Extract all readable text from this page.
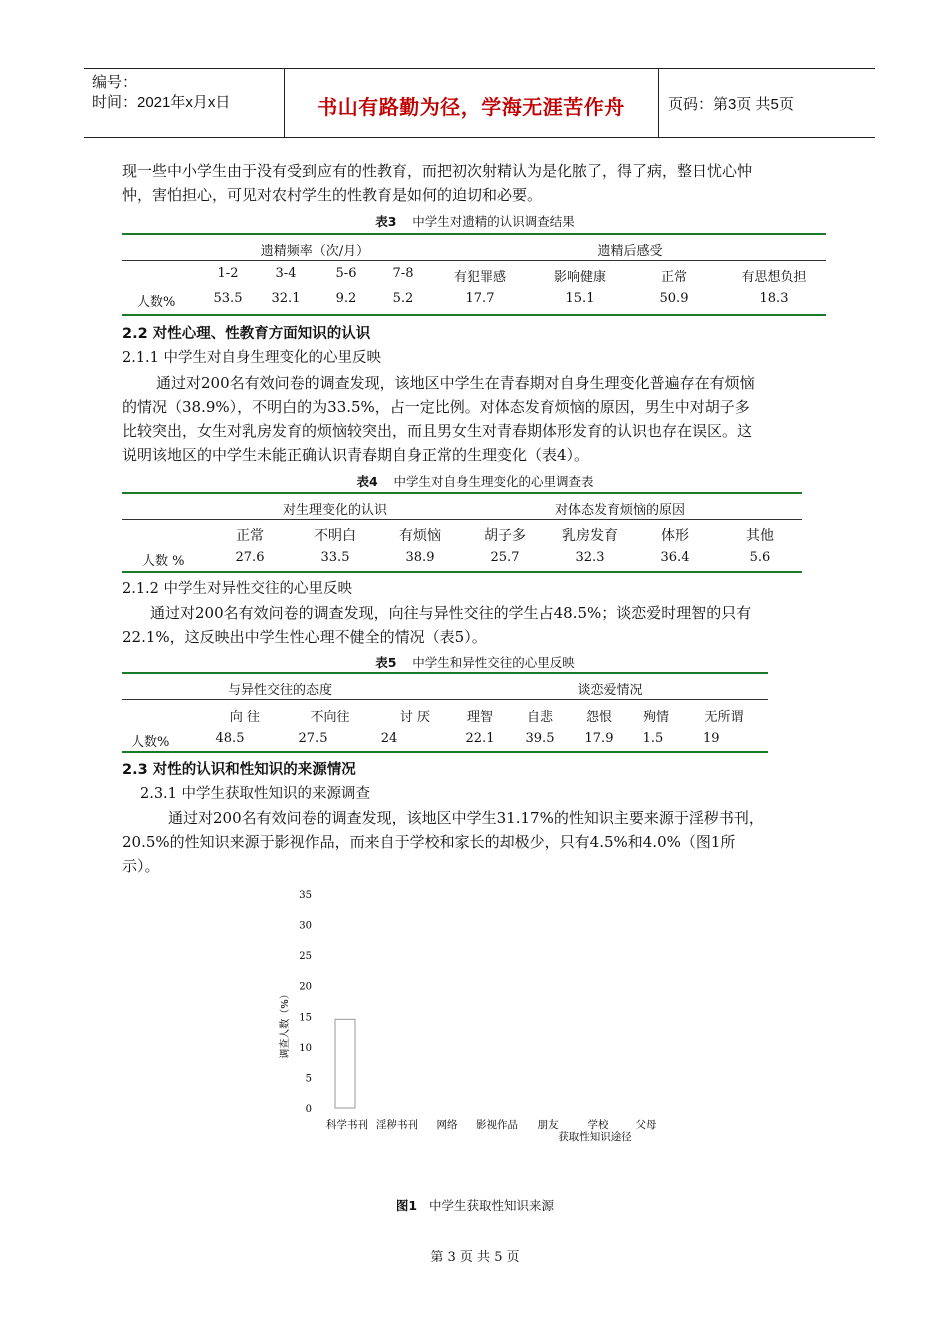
编号：
时间：2021年x月x日	书山有路勤为径，学海无涯苦作舟	页码：第3页 共5页
现一些中小学生由于没有受到应有的性教育，而把初次射精认为是化脓了，得了病，整日忧心忡
忡，害怕担心，可见对农村学生的性教育是如何的迫切和必要。
表3 中学生对遗精的认识调查结果
遗精频率（次/月）	遗精后感受
1-2	3-4	5-6	7-8	有犯罪感	影响健康	正常	有思想负担
人数%	53.5	32.1	9.2	5.2	17.7	15.1	50.9	18.3
2.2 对性心理、性教育方面知识的认识
2.1.1 中学生对自身生理变化的心里反映
通过对200名有效问卷的调查发现，该地区中学生在青春期对自身生理变化普遍存在有烦恼
的情况（38.9%），不明白的为33.5%，占一定比例。对体态发育烦恼的原因，男生中对胡子多
比较突出，女生对乳房发育的烦恼较突出，而且男女生对青春期体形发育的认识也存在误区。这
说明该地区的中学生未能正确认识青春期自身正常的生理变化（表4）。
表4 中学生对自身生理变化的心里调查表
对生理变化的认识	对体态发育烦恼的原因
正常	不明白	有烦恼	胡子多	乳房发育	体形	其他
人数 %	27.6	33.5	38.9	25.7	32.3	36.4	5.6
2.1.2 中学生对异性交往的心里反映
通过对200名有效问卷的调查发现，向往与异性交往的学生占48.5%；谈恋爱时理智的只有
22.1%，这反映出中学生性心理不健全的情况（表5）。
表5 中学生和异性交往的心里反映
与异性交往的态度	谈恋爱情况
向 往	不向往	讨 厌	理智	自悲	怨恨	殉情	无所谓
人数%	48.5	27.5	24	22.1	39.5	17.9	1.5	19
2.3 对性的认识和性知识的来源情况
2.3.1 中学生获取性知识的来源调查
通过对200名有效问卷的调查发现，该地区中学生31.17%的性知识主要来源于淫秽书刊，
20.5%的性知识来源于影视作品，而来自于学校和家长的却极少，只有4.5%和4.0%（图1所
示）。
35
30
25
20
15
10
5
0
调查人数（%）
科学书刊 淫秽书刊 网络 影视作品 朋友	学校	父母
获取性知识途径
图1 中学生获取性知识来源
第 3 页 共 5 页
